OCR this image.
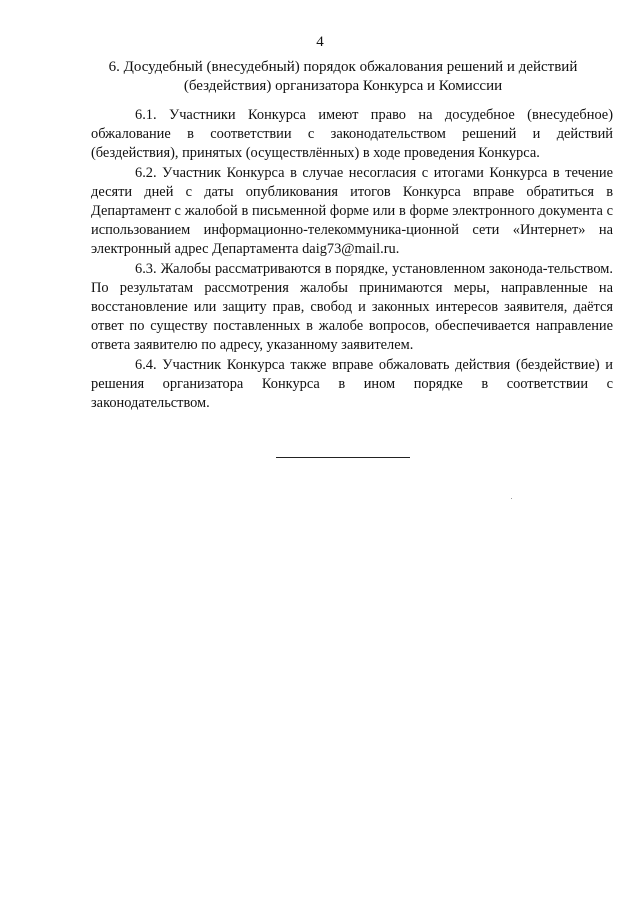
4
6. Досудебный (внесудебный) порядок обжалования решений и действий
(бездействия) организатора Конкурса и Комиссии

6.1. Участники Конкурса имеют право на досудебное (внесудебное) обжалование в соответствии с законодательством решений и действий (бездействия), принятых (осуществлённых) в ходе проведения Конкурса.

6.2. Участник Конкурса в случае несогласия с итогами Конкурса в течение десяти дней с даты опубликования итогов Конкурса вправе обратиться в Департамент с жалобой в письменной форме или в форме электронного документа с использованием информационно-телекоммуника-ционной сети «Интернет» на электронный адрес Департамента daig73@mail.ru.

6.3. Жалобы рассматриваются в порядке, установленном законода-тельством. По результатам рассмотрения жалобы принимаются меры, направленные на восстановление или защиту прав, свобод и законных интересов заявителя, даётся ответ по существу поставленных в жалобе вопросов, обеспечивается направление ответа заявителю по адресу, указанному заявителем.

6.4. Участник Конкурса также вправе обжаловать действия (бездействие) и решения организатора Конкурса в ином порядке в соответствии с законодательством.
